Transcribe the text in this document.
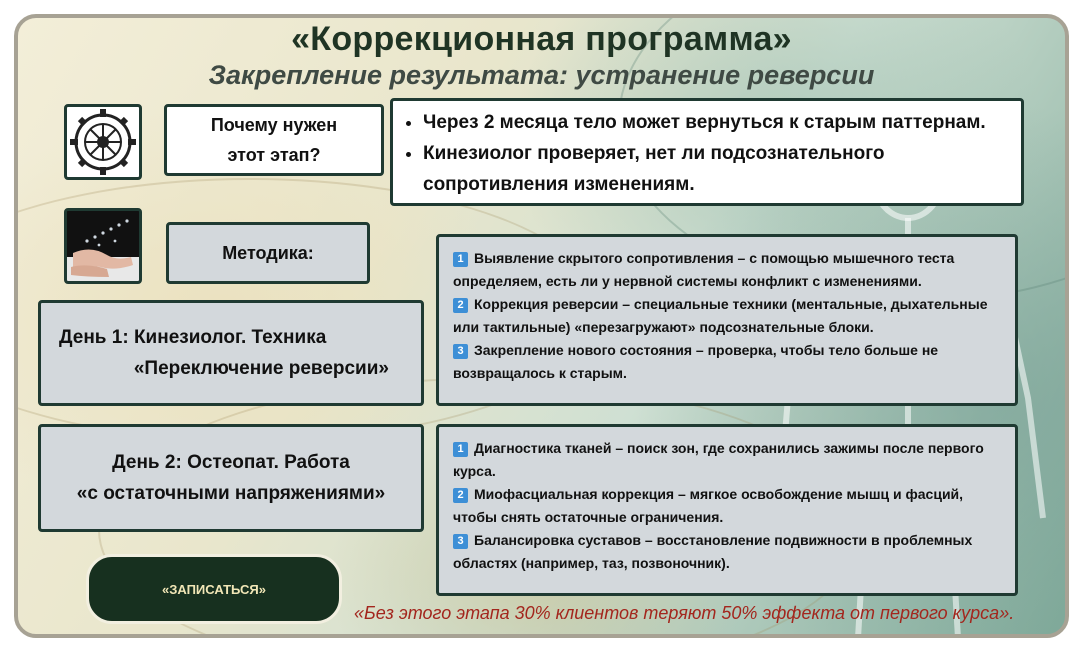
«Коррекционная программа»
Закрепление результата: устранение реверсии
Почему нужен
этот этап?
• Через 2 месяца тело может вернуться к старым паттернам.
• Кинезиолог проверяет, нет ли подсознательного сопротивления изменениям.
Методика:
День 1: Кинезиолог. Техника
«Переключение реверсии»
1 Выявление скрытого сопротивления – с помощью мышечного теста определяем, есть ли у нервной системы конфликт с изменениями.
2 Коррекция реверсии – специальные техники (ментальные, дыхательные или тактильные) «перезагружают» подсознательные блоки.
3 Закрепление нового состояния – проверка, чтобы тело больше не возвращалось к старым.
День 2: Остеопат. Работа
«с остаточными напряжениями»
1 Диагностика тканей – поиск зон, где сохранились зажимы после первого курса.
2 Миофасциальная коррекция – мягкое освобождение мышц и фасций, чтобы снять остаточные ограничения.
3 Балансировка суставов – восстановление подвижности в проблемных областях (например, таз, позвоночник).
«ЗАПИСАТЬСЯ»
«Без этого этапа 30% клиентов теряют 50% эффекта от первого курса».
